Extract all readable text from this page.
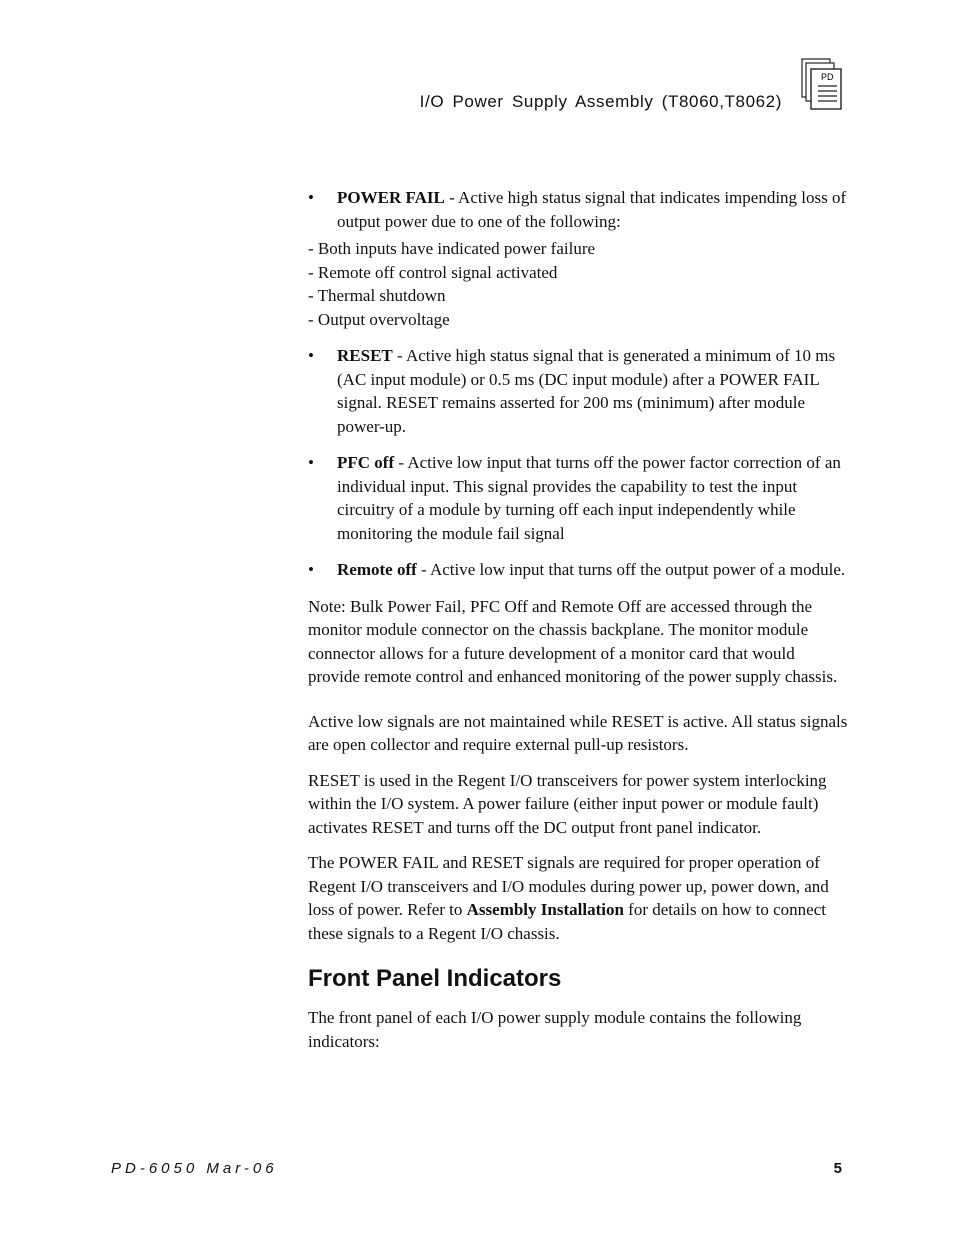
I/O Power Supply Assembly (T8060,T8062)
PD
• POWER FAIL - Active high status signal that indicates impending loss of output power due to one of the following:
- Both inputs have indicated power failure
- Remote off control signal activated
- Thermal shutdown
- Output overvoltage
• RESET - Active high status signal that is generated a minimum of 10 ms (AC input module) or 0.5 ms (DC input module) after a POWER FAIL signal. RESET remains asserted for 200 ms (minimum) after module power-up.
• PFC off - Active low input that turns off the power factor correction of an individual input. This signal provides the capability to test the input circuitry of a module by turning off each input independently while monitoring the module fail signal
• Remote off - Active low input that turns off the output power of a module.

Note: Bulk Power Fail, PFC Off and Remote Off are accessed through the monitor module connector on the chassis backplane. The monitor module connector allows for a future development of a monitor card that would provide remote control and enhanced monitoring of the power supply chassis.

Active low signals are not maintained while RESET is active. All status signals are open collector and require external pull-up resistors.

RESET is used in the Regent I/O transceivers for power system interlocking within the I/O system. A power failure (either input power or module fault) activates RESET and turns off the DC output front panel indicator.

The POWER FAIL and RESET signals are required for proper operation of Regent I/O transceivers and I/O modules during power up, power down, and loss of power. Refer to Assembly Installation for details on how to connect these signals to a Regent I/O chassis.

Front Panel Indicators

The front panel of each I/O power supply module contains the following indicators:

PD-6050 Mar-06	5
